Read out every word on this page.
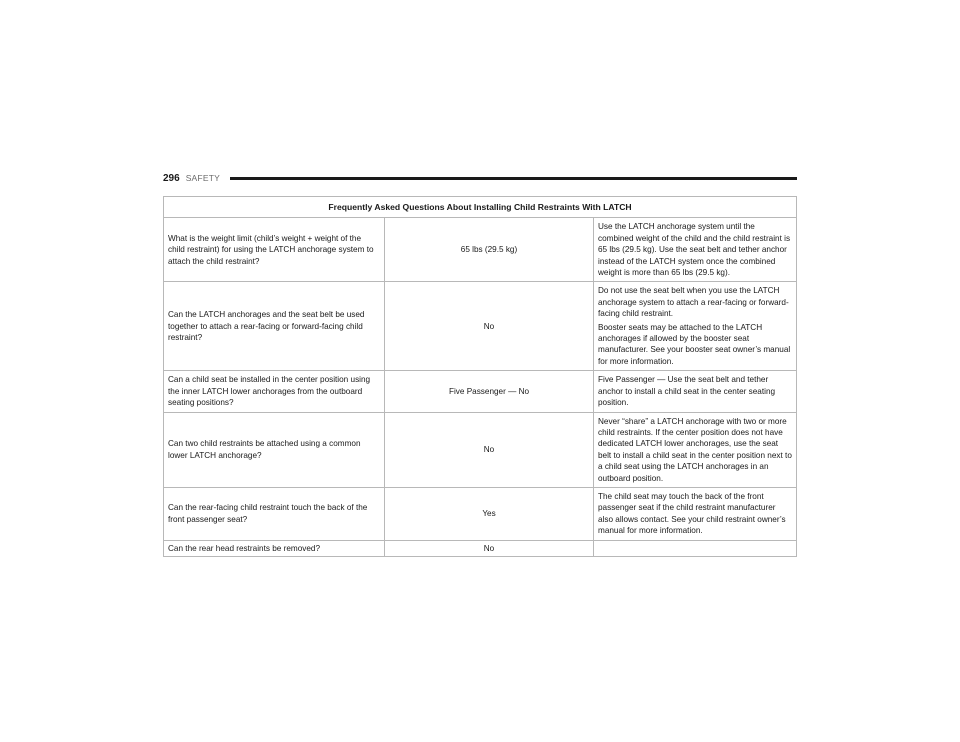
296 SAFETY
Frequently Asked Questions About Installing Child Restraints With LATCH		
What is the weight limit (child’s weight + weight of the child restraint) for using the LATCH anchorage system to attach the child restraint?	65 lbs (29.5 kg)	Use the LATCH anchorage system until the combined weight of the child and the child restraint is 65 lbs (29.5 kg). Use the seat belt and tether anchor instead of the LATCH system once the combined weight is more than 65 lbs (29.5 kg).

Can the LATCH anchorages and the seat belt be used together to attach a rear-facing or forward-facing child restraint?	No	Do not use the seat belt when you use the LATCH anchorage system to attach a rear-facing or forward-facing child restraint.

Booster seats may be attached to the LATCH anchorages if allowed by the booster seat manufacturer. See your booster seat owner’s manual for more information.

Can a child seat be installed in the center position using the inner LATCH lower anchorages from the outboard seating positions?	Five Passenger — No	Five Passenger — Use the seat belt and tether anchor to install a child seat in the center seating position.

Can two child restraints be attached using a common lower LATCH anchorage?	No	Never “share” a LATCH anchorage with two or more child restraints. If the center position does not have dedicated LATCH lower anchorages, use the seat belt to install a child seat in the center position next to a child seat using the LATCH anchorages in an outboard position.

Can the rear-facing child restraint touch the back of the front passenger seat?	Yes	The child seat may touch the back of the front passenger seat if the child restraint manufacturer also allows contact. See your child restraint owner’s manual for more information.

Can the rear head restraints be removed?	No	
